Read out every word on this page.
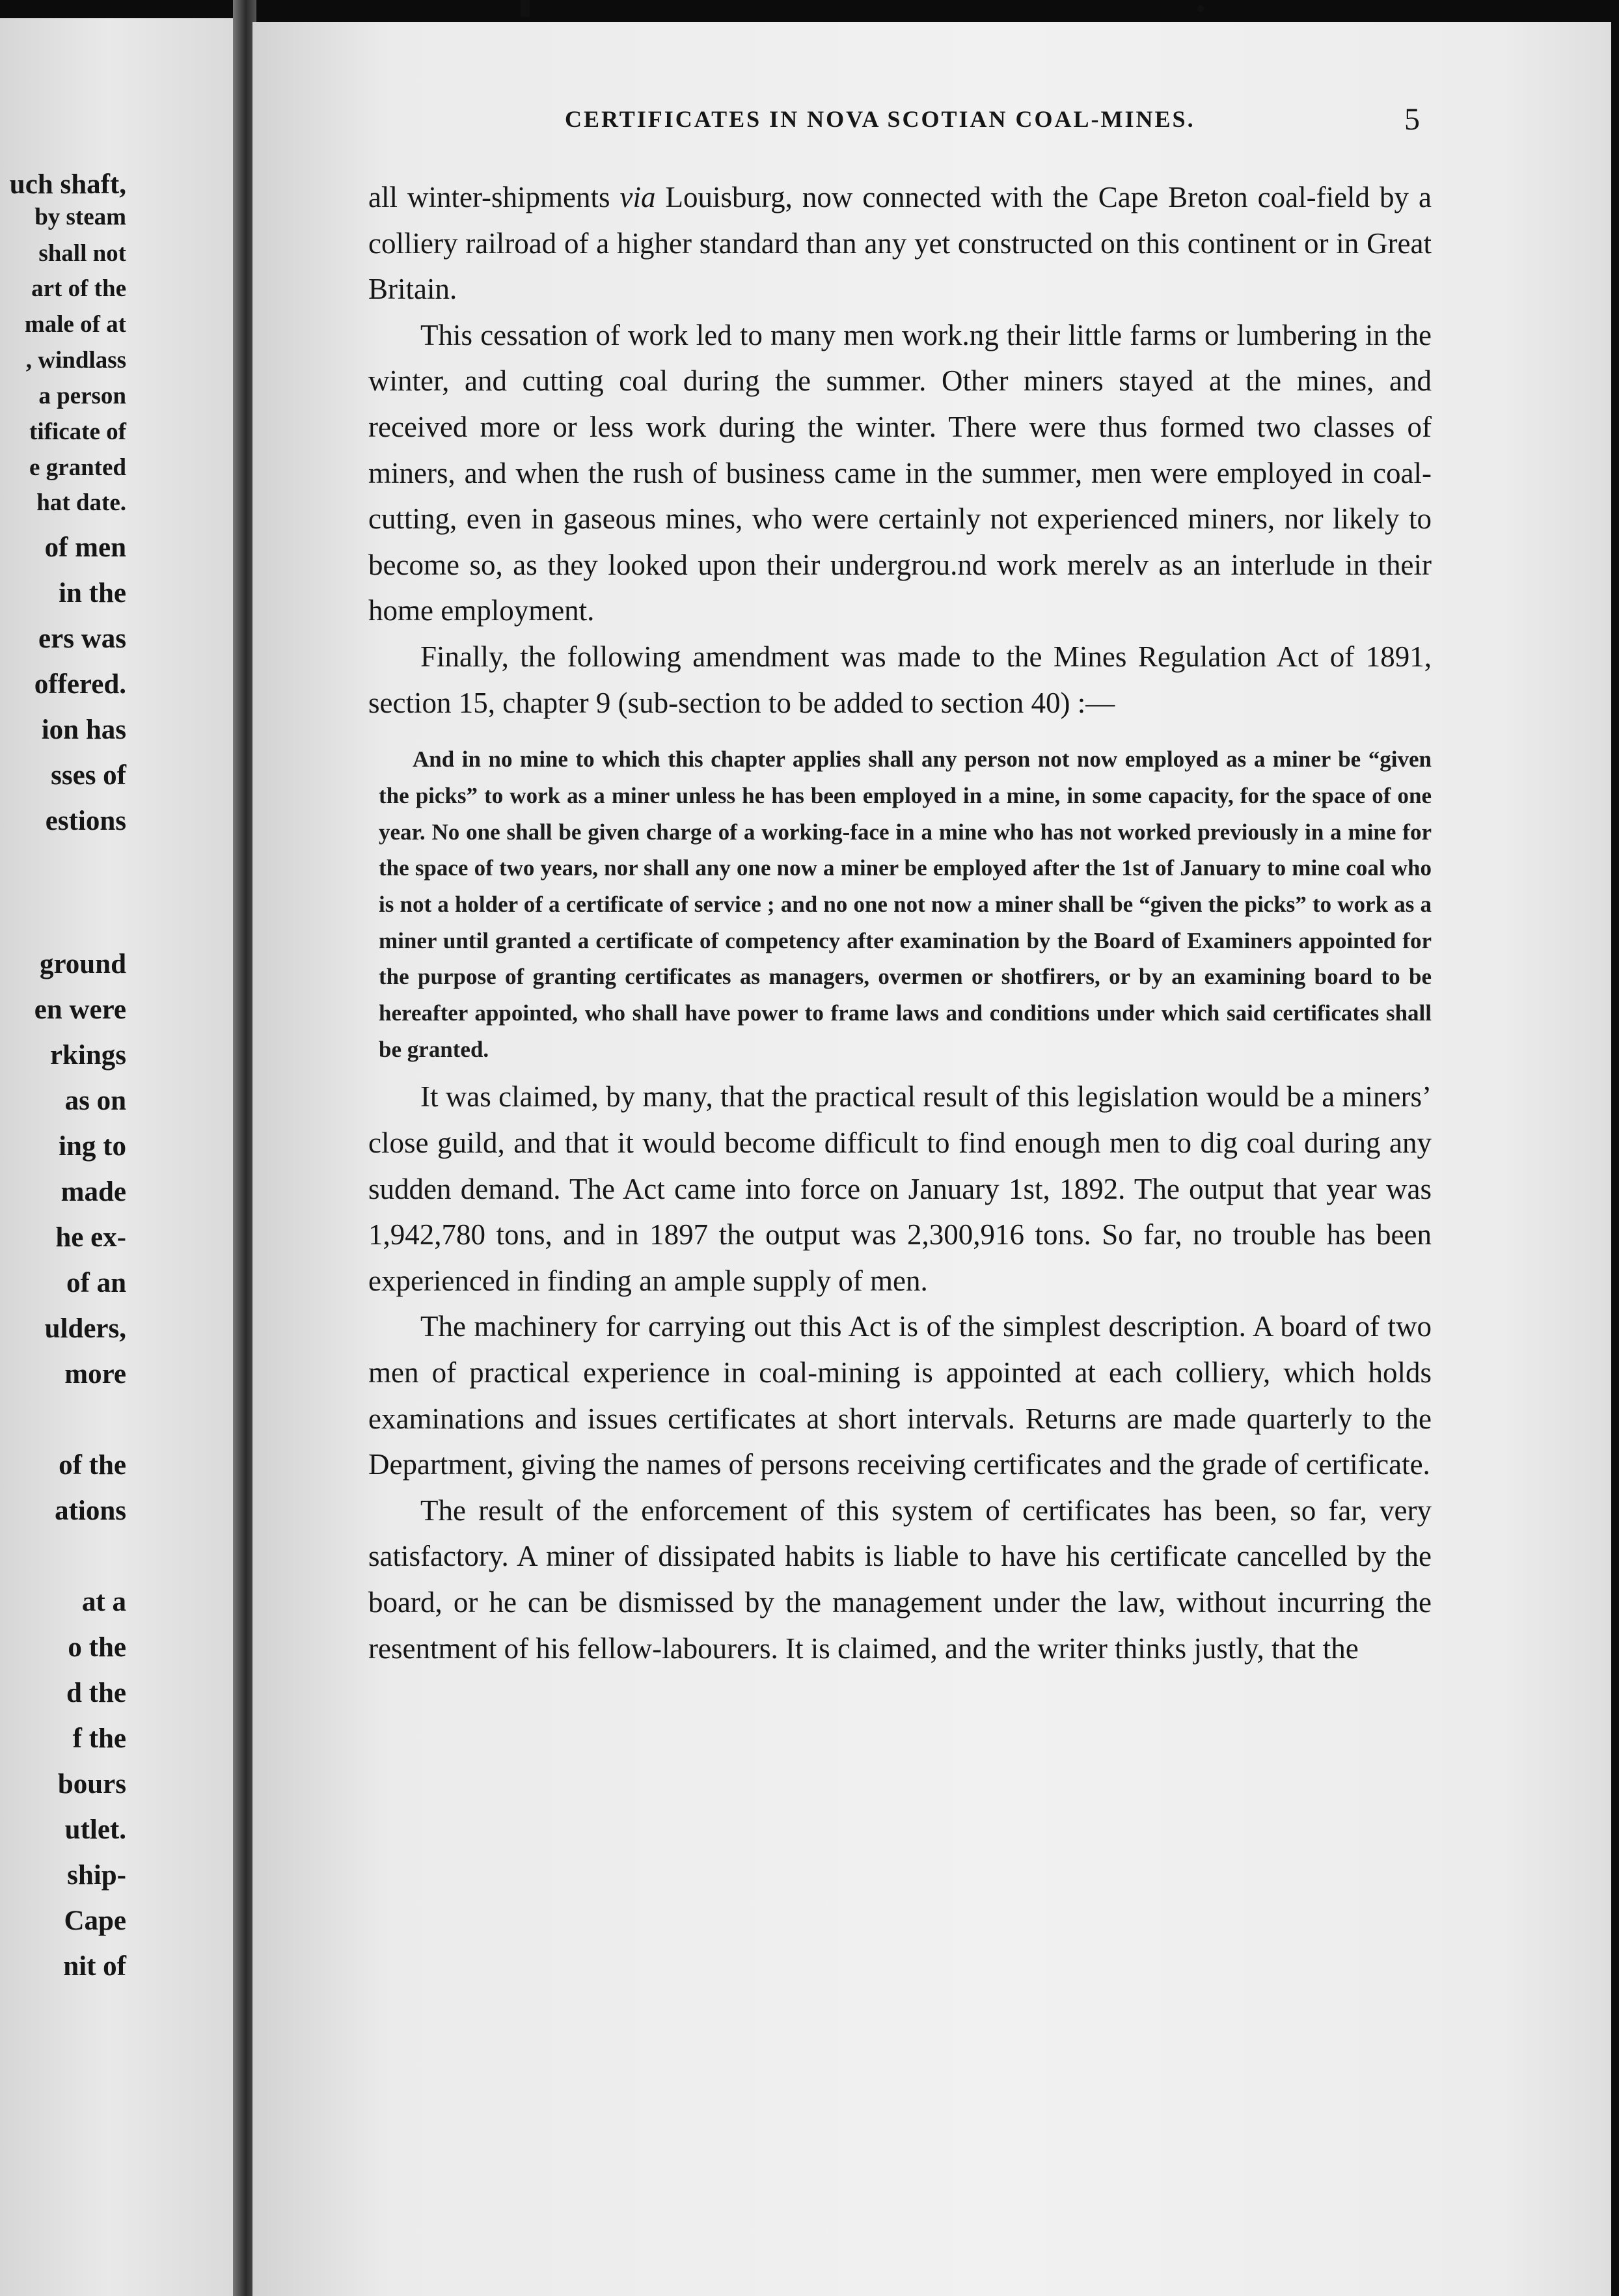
uch shaft,

by steam

shall not

art of the

male of at

, windlass

a person

tificate of

e granted

hat date.

of men

in the

ers was

offered.

ion has

sses of

estions

ground

en were

rkings

as on

ing to

made

he ex-

of an

ulders,

more

of the

ations

at a

o the

d the

f the

bours

utlet.

ship-

Cape

nit of

CERTIFICATES IN NOVA SCOTIAN COAL-MINES.	5

all winter-shipments via Louisburg, now connected with the Cape Breton coal-field by a colliery railroad of a higher standard than any yet constructed on this continent or in Great Britain.

This cessation of work led to many men work.ng their little farms or lumbering in the winter, and cutting coal during the summer. Other miners stayed at the mines, and received more or less work during the winter. There were thus formed two classes of miners, and when the rush of business came in the summer, men were employed in coal-cutting, even in gaseous mines, who were certainly not experienced miners, nor likely to become so, as they looked upon their undergrou.nd work merelv as an interlude in their home employment.

Finally, the following amendment was made to the Mines Regulation Act of 1891, section 15, chapter 9 (sub-section to be added to section 40) :—

And in no mine to which this chapter applies shall any person not now employed as a miner be “given the picks” to work as a miner unless he has been employed in a mine, in some capacity, for the space of one year. No one shall be given charge of a working-face in a mine who has not worked previously in a mine for the space of two years, nor shall any one now a miner be employed after the 1st of January to mine coal who is not a holder of a certificate of service ; and no one not now a miner shall be “given the picks” to work as a miner until granted a certificate of competency after examination by the Board of Examiners appointed for the purpose of granting certificates as managers, overmen or shotfirers, or by an examining board to be hereafter appointed, who shall have power to frame laws and conditions under which said certificates shall be granted.

It was claimed, by many, that the practical result of this legislation would be a miners’ close guild, and that it would become difficult to find enough men to dig coal during any sudden demand. The Act came into force on January 1st, 1892. The output that year was 1,942,780 tons, and in 1897 the output was 2,300,916 tons. So far, no trouble has been experienced in finding an ample supply of men.

The machinery for carrying out this Act is of the simplest description. A board of two men of practical experience in coal-mining is appointed at each colliery, which holds examinations and issues certificates at short intervals. Returns are made quarterly to the Department, giving the names of persons receiving certificates and the grade of certificate.

The result of the enforcement of this system of certificates has been, so far, very satisfactory. A miner of dissipated habits is liable to have his certificate cancelled by the board, or he can be dismissed by the management under the law, without incurring the resentment of his fellow-labourers. It is claimed, and the writer thinks justly, that the
